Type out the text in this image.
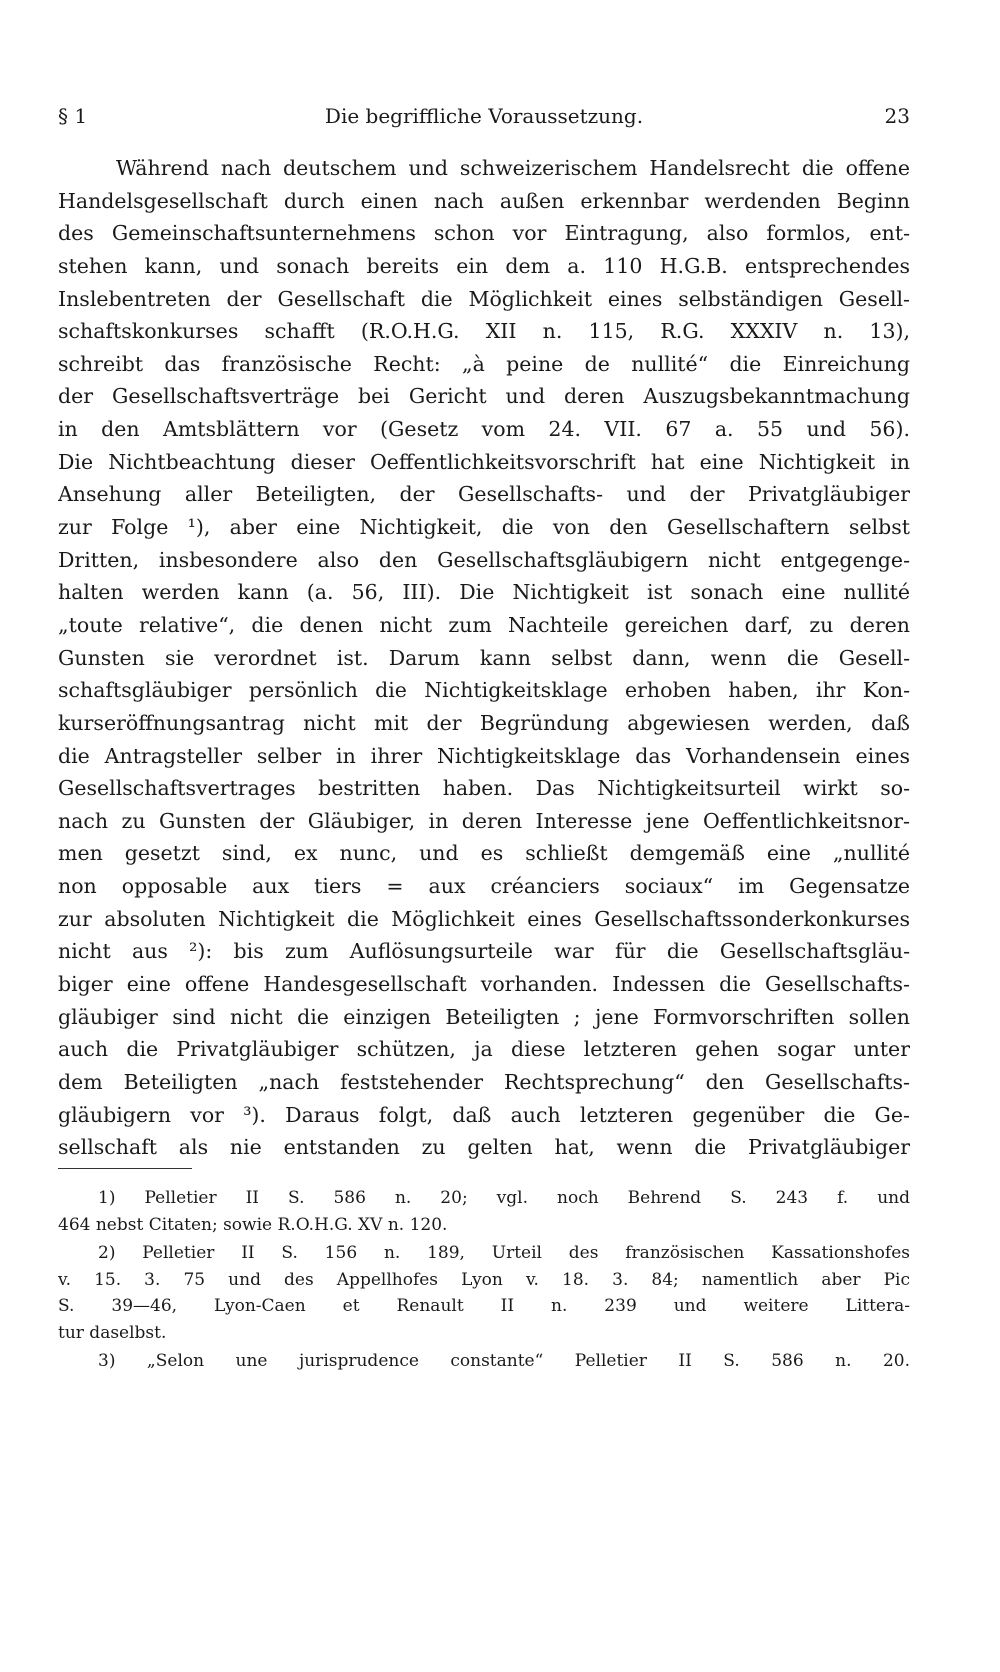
§ 1	Die begriffliche Voraussetzung.	23
Während nach deutschem und schweizerischem Handelsrecht die offene
Handelsgesellschaft durch einen nach außen erkennbar werdenden Beginn
des Gemeinschaftsunternehmens schon vor Eintragung, also formlos, ent-
stehen kann, und sonach bereits ein dem a. 110 H.G.B. entsprechendes
Inslebentreten der Gesellschaft die Möglichkeit eines selbständigen Gesell-
schaftskonkurses schafft (R.O.H.G. XII n. 115, R.G. XXXIV n. 13),
schreibt das französische Recht: „à peine de nullité“ die Einreichung
der Gesellschaftsverträge bei Gericht und deren Auszugsbekanntmachung
in den Amtsblättern vor (Gesetz vom 24. VII. 67 a. 55 und 56).
Die Nichtbeachtung dieser Oeffentlichkeitsvorschrift hat eine Nichtigkeit in
Ansehung aller Beteiligten, der Gesellschafts- und der Privatgläubiger
zur Folge ¹), aber eine Nichtigkeit, die von den Gesellschaftern selbst
Dritten, insbesondere also den Gesellschaftsgläubigern nicht entgegenge-
halten werden kann (a. 56, III). Die Nichtigkeit ist sonach eine nullité
„toute relative“, die denen nicht zum Nachteile gereichen darf, zu deren
Gunsten sie verordnet ist. Darum kann selbst dann, wenn die Gesell-
schaftsgläubiger persönlich die Nichtigkeitsklage erhoben haben, ihr Kon-
kurseröffnungsantrag nicht mit der Begründung abgewiesen werden, daß
die Antragsteller selber in ihrer Nichtigkeitsklage das Vorhandensein eines
Gesellschaftsvertrages bestritten haben. Das Nichtigkeitsurteil wirkt so-
nach zu Gunsten der Gläubiger, in deren Interesse jene Oeffentlichkeitsnor-
men gesetzt sind, ex nunc, und es schließt demgemäß eine „nullité
non opposable aux tiers = aux créanciers sociaux“ im Gegensatze
zur absoluten Nichtigkeit die Möglichkeit eines Gesellschaftssonderkonkurses
nicht aus ²): bis zum Auflösungsurteile war für die Gesellschaftsgläu-
biger eine offene Handesgesellschaft vorhanden. Indessen die Gesellschafts-
gläubiger sind nicht die einzigen Beteiligten ; jene Formvorschriften sollen
auch die Privatgläubiger schützen, ja diese letzteren gehen sogar unter
dem Beteiligten „nach feststehender Rechtsprechung“ den Gesellschafts-
gläubigern vor ³). Daraus folgt, daß auch letzteren gegenüber die Ge-
sellschaft als nie entstanden zu gelten hat, wenn die Privatgläubiger
1) Pelletier II S. 586 n. 20; vgl. noch Behrend S. 243 f. und
464 nebst Citaten; sowie R.O.H.G. XV n. 120.
2) Pelletier II S. 156 n. 189, Urteil des französischen Kassationshofes
v. 15. 3. 75 und des Appellhofes Lyon v. 18. 3. 84; namentlich aber Pic
S. 39—46, Lyon-Caen et Renault II n. 239 und weitere Littera-
tur daselbst.
3) „Selon une jurisprudence constante“ Pelletier II S. 586 n. 20.
